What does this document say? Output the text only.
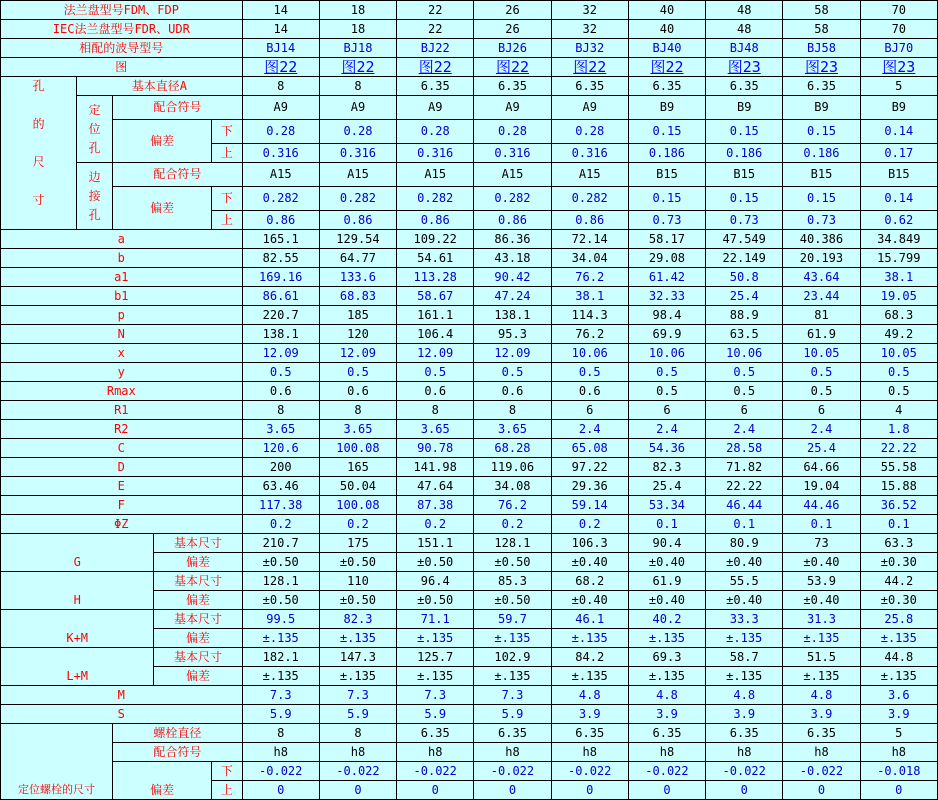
法兰盘型号FDM、FDP					14	18	22	26	32	40	48	58	70
IEC法兰盘型号FDR、UDR					14	18	22	26	32	40	48	58	70
相配的波导型号					BJ14	BJ18	BJ22	BJ26	BJ32	BJ40	BJ48	BJ58	BJ70
图					图22	图22	图22	图22	图22	图22	图23	图23	图23

孔
的
尺
寸	基本直径A				8	8	6.35	6.35	6.35	6.35	6.35	6.35	5

	定
位
孔	配合符号			A9	A9	A9	A9	A9	B9	B9	B9	B9
		偏差		下	0.28	0.28	0.28	0.28	0.28	0.15	0.15	0.15	0.14
				上	0.316	0.316	0.316	0.316	0.316	0.186	0.186	0.186	0.17

	边
接
孔	配合符号			A15	A15	A15	A15	A15	B15	B15	B15	B15
		偏差		下	0.282	0.282	0.282	0.282	0.282	0.15	0.15	0.15	0.14
				上	0.86	0.86	0.86	0.86	0.86	0.73	0.73	0.73	0.62
a					165.1	129.54	109.22	86.36	72.14	58.17	47.549	40.386	34.849
b					82.55	64.77	54.61	43.18	34.04	29.08	22.149	20.193	15.799
a1					169.16	133.6	113.28	90.42	76.2	61.42	50.8	43.64	38.1
b1					86.61	68.83	58.67	47.24	38.1	32.33	25.4	23.44	19.05
p					220.7	185	161.1	138.1	114.3	98.4	88.9	81	68.3
N					138.1	120	106.4	95.3	76.2	69.9	63.5	61.9	49.2
x					12.09	12.09	12.09	12.09	10.06	10.06	10.06	10.05	10.05
y					0.5	0.5	0.5	0.5	0.5	0.5	0.5	0.5	0.5
Rmax					0.6	0.6	0.6	0.6	0.6	0.5	0.5	0.5	0.5
R1					8	8	8	8	6	6	6	6	4
R2					3.65	3.65	3.65	3.65	2.4	2.4	2.4	2.4	1.8
C					120.6	100.08	90.78	68.28	65.08	54.36	28.58	25.4	22.22
D					200	165	141.98	119.06	97.22	82.3	71.82	64.66	55.58
E					63.46	50.04	47.64	34.08	29.36	25.4	22.22	19.04	15.88
F					117.38	100.08	87.38	76.2	59.14	53.34	46.44	44.46	36.52
ΦZ					0.2	0.2	0.2	0.2	0.2	0.1	0.1	0.1	0.1
G			基本尺寸		210.7	175	151.1	128.1	106.3	90.4	80.9	73	63.3
			偏差		±0.50	±0.50	±0.50	±0.50	±0.40	±0.40	±0.40	±0.40	±0.30
H			基本尺寸		128.1	110	96.4	85.3	68.2	61.9	55.5	53.9	44.2
			偏差		±0.50	±0.50	±0.50	±0.50	±0.40	±0.40	±0.40	±0.40	±0.30
K+M			基本尺寸		99.5	82.3	71.1	59.7	46.1	40.2	33.3	31.3	25.8
			偏差		±.135	±.135	±.135	±.135	±.135	±.135	±.135	±.135	±.135
L+M			基本尺寸		182.1	147.3	125.7	102.9	84.2	69.3	58.7	51.5	44.8
			偏差		±.135	±.135	±.135	±.135	±.135	±.135	±.135	±.135	±.135
M					7.3	7.3	7.3	7.3	4.8	4.8	4.8	4.8	3.6
S					5.9	5.9	5.9	5.9	3.9	3.9	3.9	3.9	3.9
定位螺栓的尺寸		螺栓直径			8	8	6.35	6.35	6.35	6.35	6.35	6.35	5
		配合符号			h8	h8	h8	h8	h8	h8	h8	h8	h8
		偏差		下	-0.022	-0.022	-0.022	-0.022	-0.022	-0.022	-0.022	-0.022	-0.018
				上	0	0	0	0	0	0	0	0	0
